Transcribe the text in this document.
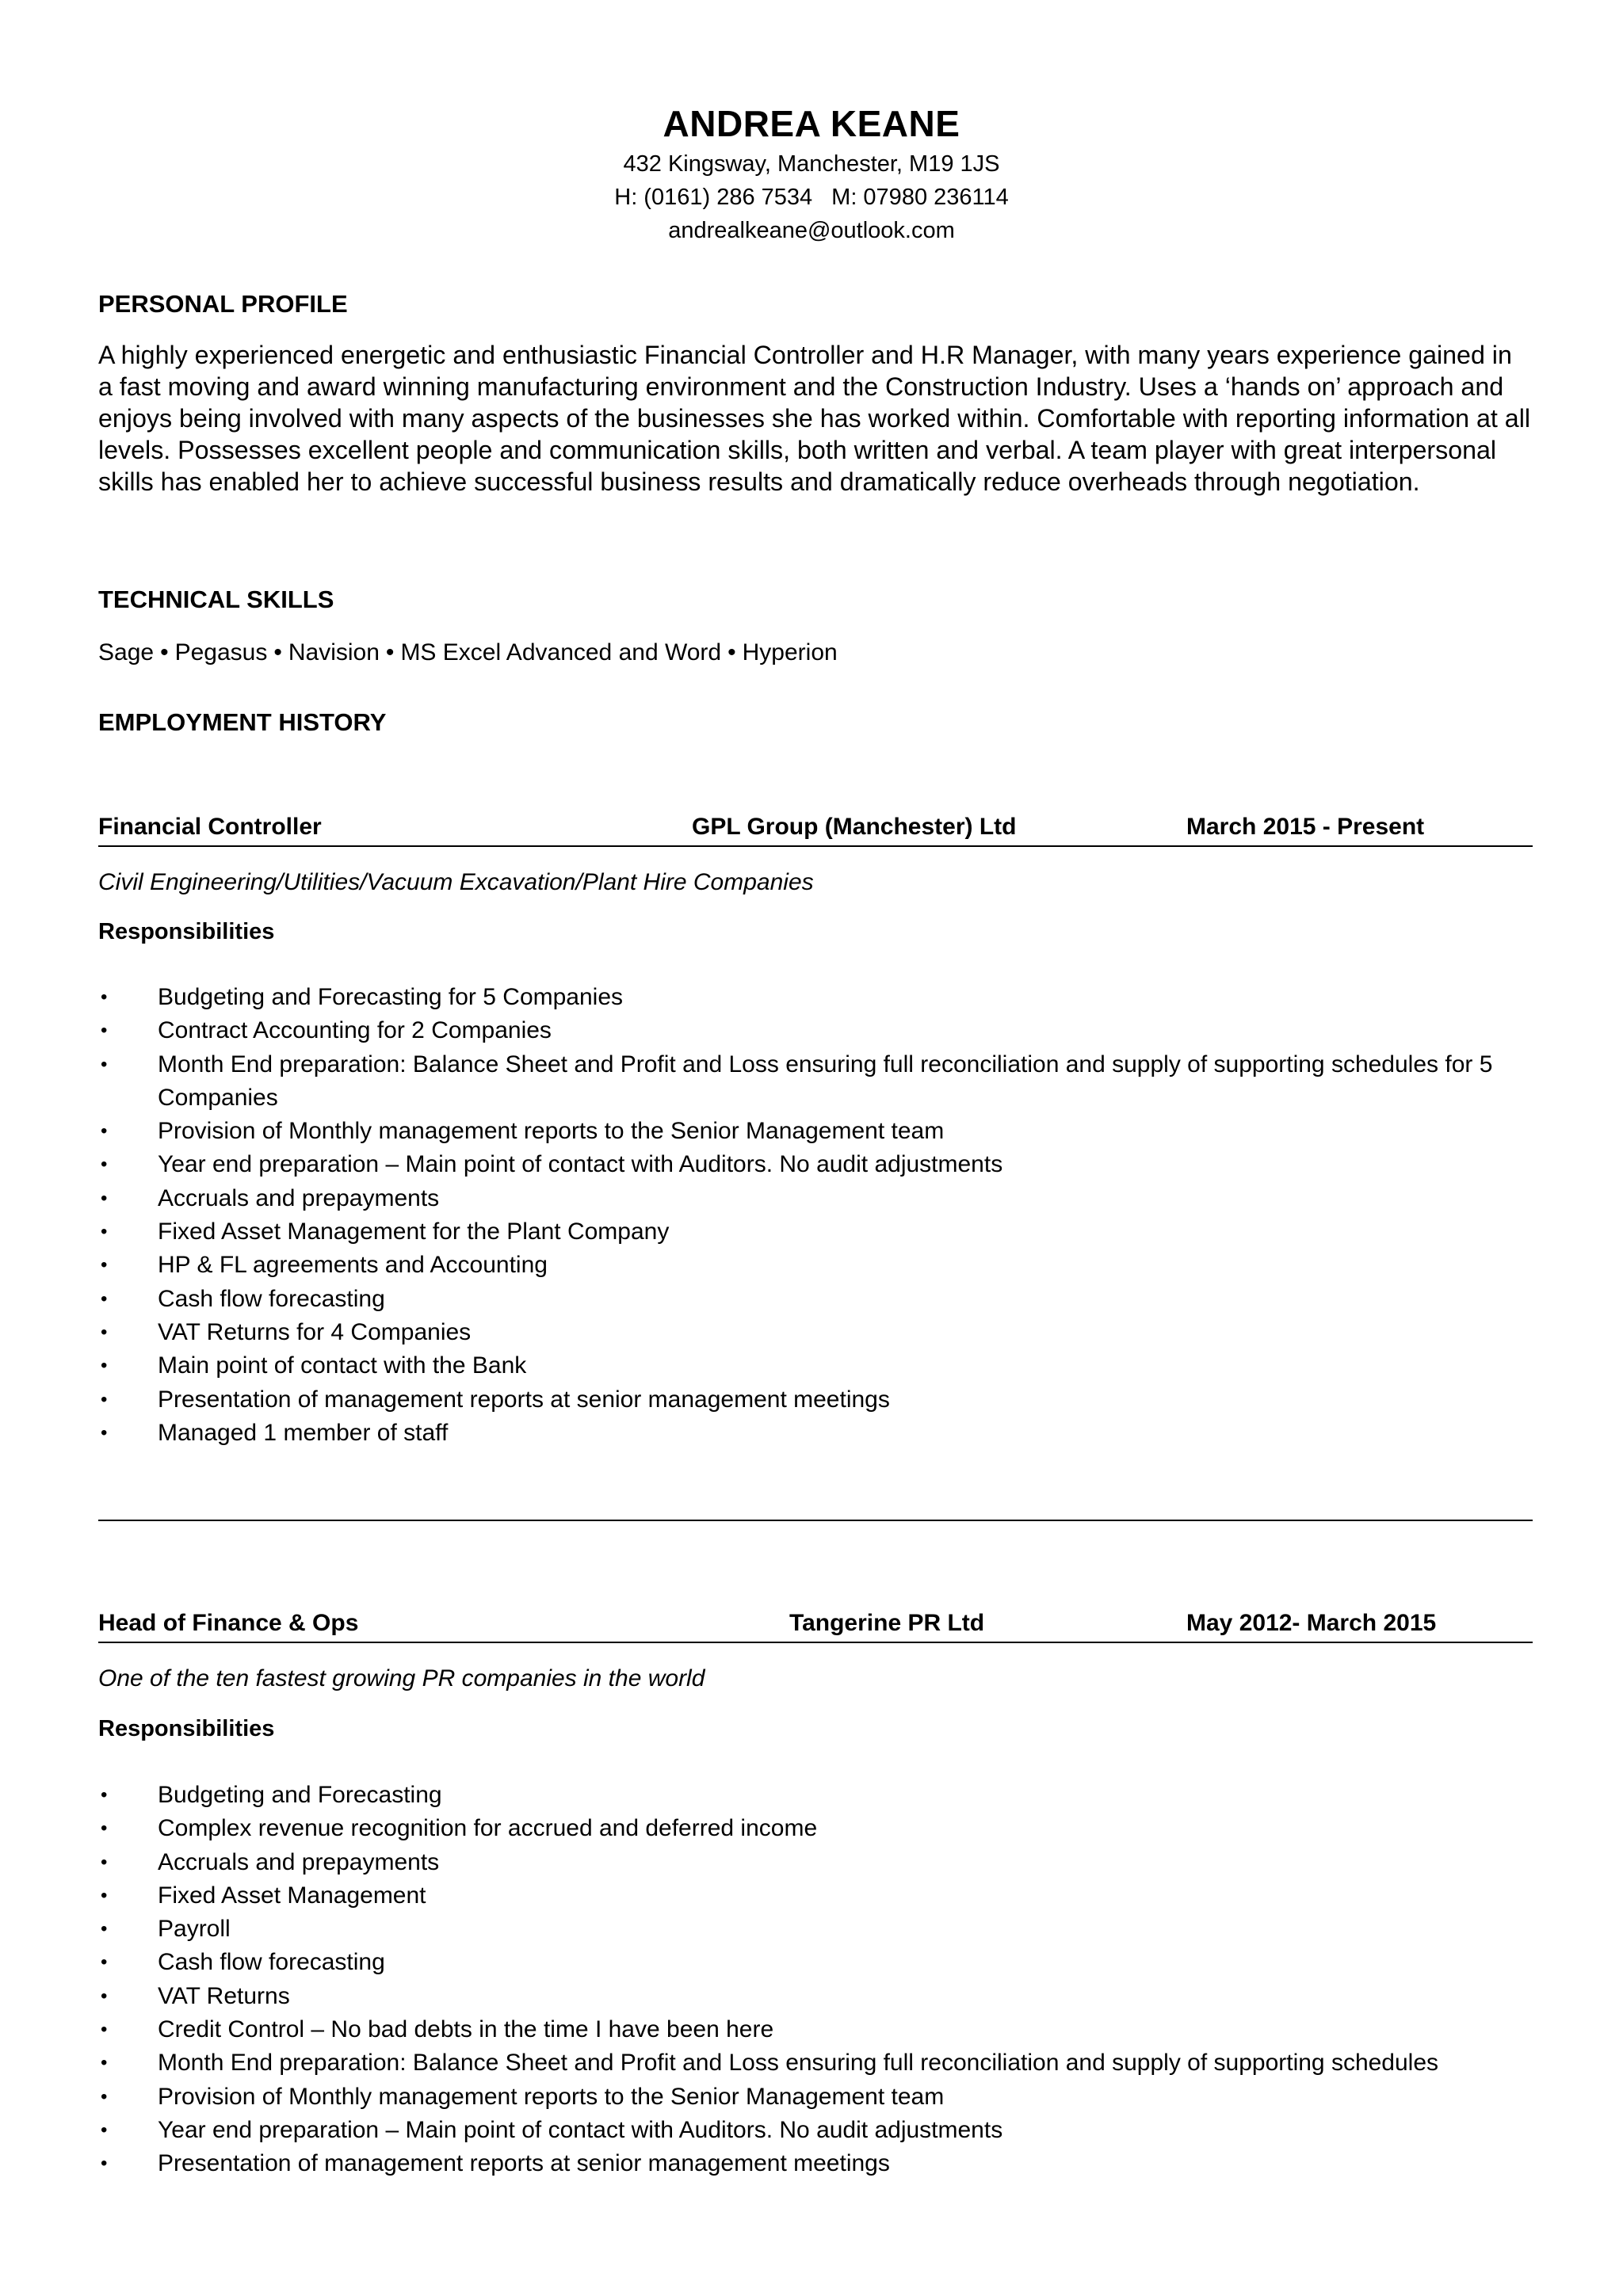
ANDREA KEANE
432 Kingsway, Manchester, M19 1JS
H: (0161) 286 7534 M: 07980 236114
andrealkeane@outlook.com
PERSONAL PROFILE
A highly experienced energetic and enthusiastic Financial Controller and H.R Manager, with many years experience gained in a fast moving and award winning manufacturing environment and the Construction Industry. Uses a ‘hands on’ approach and enjoys being involved with many aspects of the businesses she has worked within. Comfortable with reporting information at all levels. Possesses excellent people and communication skills, both written and verbal. A team player with great interpersonal skills has enabled her to achieve successful business results and dramatically reduce overheads through negotiation.
TECHNICAL SKILLS
Sage • Pegasus • Navision • MS Excel Advanced and Word • Hyperion
EMPLOYMENT HISTORY
Financial Controller	GPL Group (Manchester) Ltd	March 2015 - Present
Civil Engineering/Utilities/Vacuum Excavation/Plant Hire Companies
Responsibilities
• Budgeting and Forecasting for 5 Companies
• Contract Accounting for 2 Companies
• Month End preparation: Balance Sheet and Profit and Loss ensuring full reconciliation and supply of supporting schedules for 5 Companies
• Provision of Monthly management reports to the Senior Management team
• Year end preparation – Main point of contact with Auditors. No audit adjustments
• Accruals and prepayments
• Fixed Asset Management for the Plant Company
• HP & FL agreements and Accounting
• Cash flow forecasting
• VAT Returns for 4 Companies
• Main point of contact with the Bank
• Presentation of management reports at senior management meetings
• Managed 1 member of staff
Head of Finance & Ops	Tangerine PR Ltd	May 2012- March 2015
One of the ten fastest growing PR companies in the world
Responsibilities
• Budgeting and Forecasting
• Complex revenue recognition for accrued and deferred income
• Accruals and prepayments
• Fixed Asset Management
• Payroll
• Cash flow forecasting
• VAT Returns
• Credit Control – No bad debts in the time I have been here
• Month End preparation: Balance Sheet and Profit and Loss ensuring full reconciliation and supply of supporting schedules
• Provision of Monthly management reports to the Senior Management team
• Year end preparation – Main point of contact with Auditors. No audit adjustments
• Presentation of management reports at senior management meetings
